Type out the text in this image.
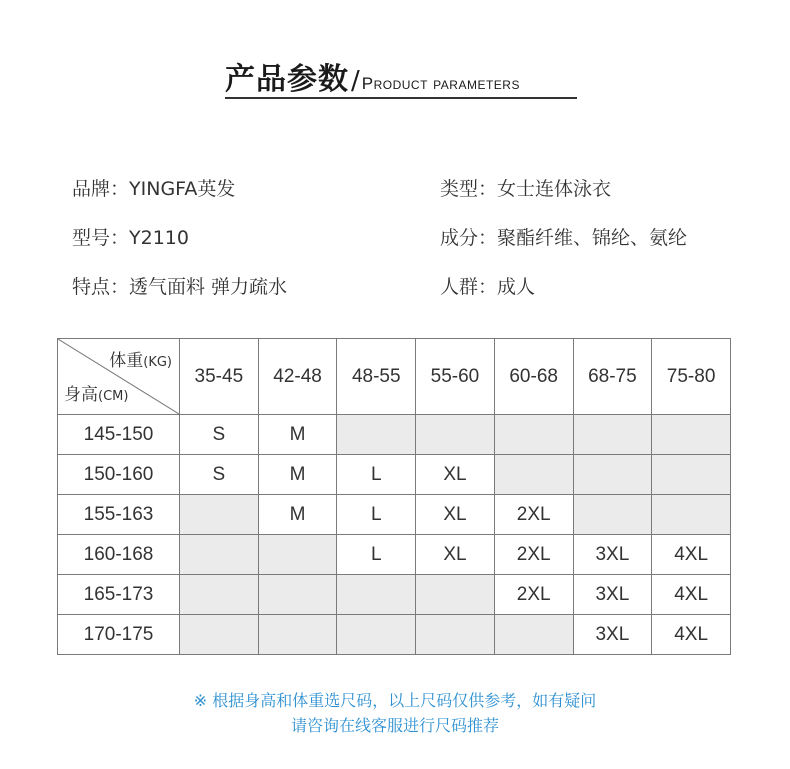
产品参数 / Product parameters
品牌：YINGFA英发	类型：女士连体泳衣
型号：Y2110	成分：聚酯纤维、锦纶、氨纶
特点：透气面料 弹力疏水	人群：成人
体重(KG)
身高(CM)	35-45	42-48	48-55	55-60	60-68	68-75	75-80
145-150	S	M					
150-160	S	M	L	XL			
155-163		M	L	XL	2XL		
160-168			L	XL	2XL	3XL	4XL
165-173					2XL	3XL	4XL
170-175						3XL	4XL
※ 根据身高和体重选尺码，以上尺码仅供参考，如有疑问
请咨询在线客服进行尺码推荐
